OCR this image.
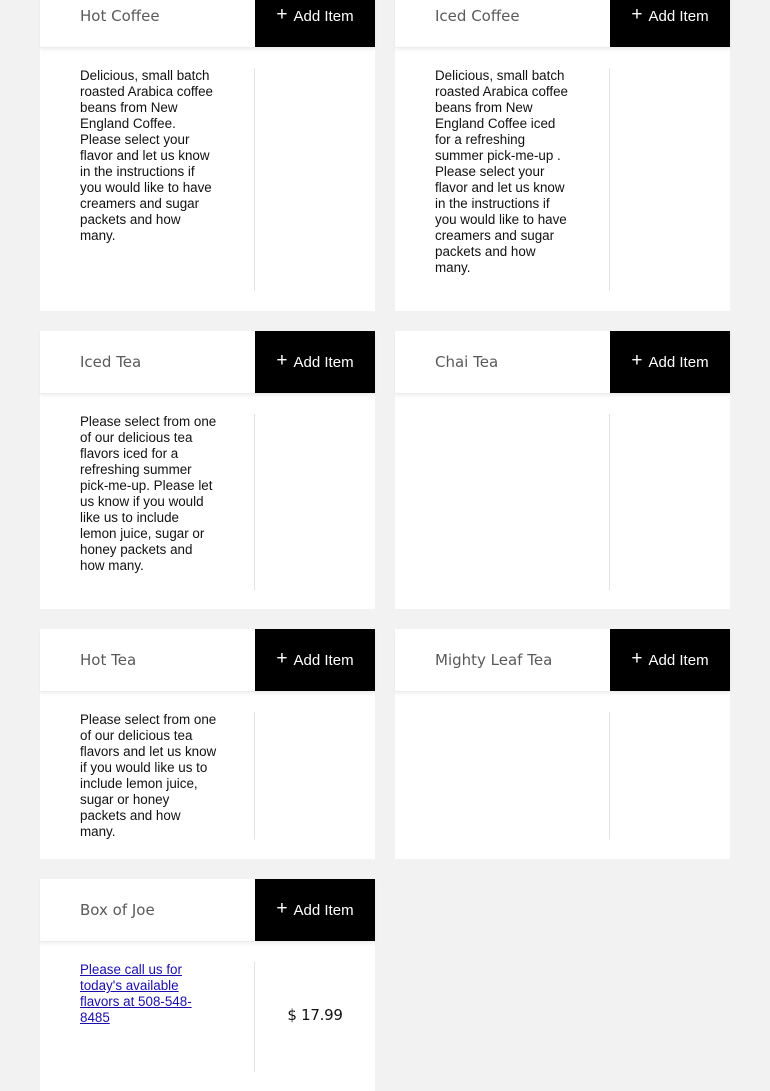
Hot Coffee	+ Add Item
Delicious, small batch roasted Arabica coffee beans from New England Coffee. Please select your flavor and let us know in the instructions if you would like to have creamers and sugar packets and how many.
Iced Coffee	+ Add Item
Delicious, small batch roasted Arabica coffee beans from New England Coffee iced for a refreshing summer pick-me-up . Please select your flavor and let us know in the instructions if you would like to have creamers and sugar packets and how many.
Iced Tea	+ Add Item
Please select from one of our delicious tea flavors iced for a refreshing summer pick-me-up. Please let us know if you would like us to include lemon juice, sugar or honey packets and how many.
Chai Tea	+ Add Item
Hot Tea	+ Add Item
Please select from one of our delicious tea flavors and let us know if you would like us to include lemon juice, sugar or honey packets and how many.
Mighty Leaf Tea	+ Add Item
Box of Joe	+ Add Item
Please call us for today's available flavors at 508-548-8485	$ 17.99
